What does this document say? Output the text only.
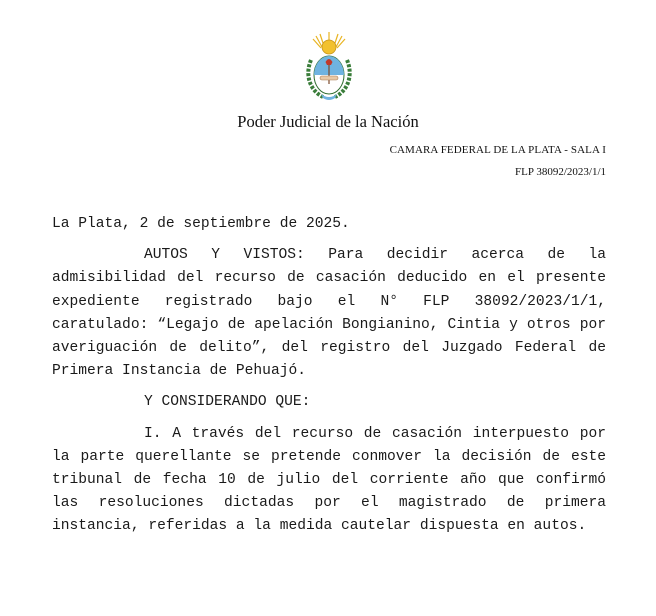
Poder Judicial de la Nación
CAMARA FEDERAL DE LA PLATA - SALA I
FLP 38092/2023/1/1

La Plata, 2 de septiembre de 2025.

AUTOS Y VISTOS: Para decidir acerca de la admisibilidad del recurso de casación deducido en el presente expediente registrado bajo el N° FLP 38092/2023/1/1, caratulado: “Legajo de apelación Bongianino, Cintia y otros por averiguación de delito”, del registro del Juzgado Federal de Primera Instancia de Pehuajó.

Y CONSIDERANDO QUE:

I. A través del recurso de casación interpuesto por la parte querellante se pretende conmover la decisión de este tribunal de fecha 10 de julio del corriente año que confirmó las resoluciones dictadas por el magistrado de primera instancia, referidas a la medida cautelar dispuesta en autos.
